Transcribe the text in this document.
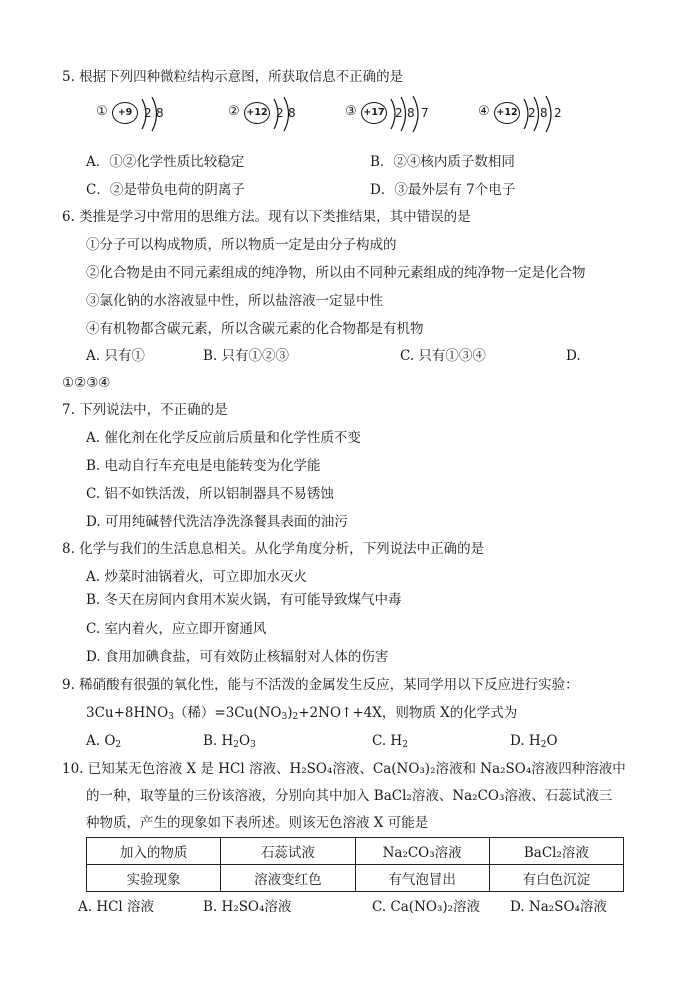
5. 根据下列四种微粒结构示意图，所获取信息不正确的是
①	+9 2 8	② +12 2 8	③ +17 2 8 7	④ +12 2 8 2
A．①②化学性质比较稳定	B．②④核内质子数相同
C．②是带负电荷的阴离子	D．③最外层有 7个电子
6. 类推是学习中常用的思维方法。现有以下类推结果，其中错误的是
①分子可以构成物质，所以物质一定是由分子构成的
②化合物是由不同元素组成的纯净物，所以由不同种元素组成的纯净物一定是化合物
③氯化钠的水溶液显中性，所以盐溶液一定显中性
④有机物都含碳元素，所以含碳元素的化合物都是有机物
A. 只有①	B. 只有①②③	C. 只有①③④	D.
①②③④
7. 下列说法中，不正确的是
A. 催化剂在化学反应前后质量和化学性质不变
B. 电动自行车充电是电能转变为化学能
C. 铝不如铁活泼，所以铝制器具不易锈蚀
D. 可用纯碱替代洗洁净洗涤餐具表面的油污
8. 化学与我们的生活息息相关。从化学角度分析，下列说法中正确的是
A. 炒菜时油锅着火，可立即加水灭火
B. 冬天在房间内食用木炭火锅，有可能导致煤气中毒
C. 室内着火，应立即开窗通风
D. 食用加碘食盐，可有效防止核辐射对人体的伤害
9. 稀硝酸有很强的氧化性，能与不活泼的金属发生反应，某同学用以下反应进行实验：
$3Cu+8HNO_3$（稀）$=3Cu(NO_3)_2+2NO↑+4X$，则物质 X的化学式为
A. $O_2$	B. $H_2O_3$	C. $H_2$	D. $H_2O$
10. 已知某无色溶液 X 是 HCl 溶液、H₂SO₄溶液、Ca(NO₃)₂溶液和 Na₂SO₄溶液四种溶液中
的一种，取等量的三份该溶液，分别向其中加入 BaCl₂溶液、Na₂CO₃溶液、石蕊试液三
种物质，产生的现象如下表所述。则该无色溶液 X 可能是
加入的物质	石蕊试液	Na₂CO₃溶液	BaCl₂溶液
实验现象	溶液变红色	有气泡冒出	有白色沉淀
A. HCl 溶液	B. H₂SO₄溶液	C. Ca(NO₃)₂溶液 D. Na₂SO₄溶液
